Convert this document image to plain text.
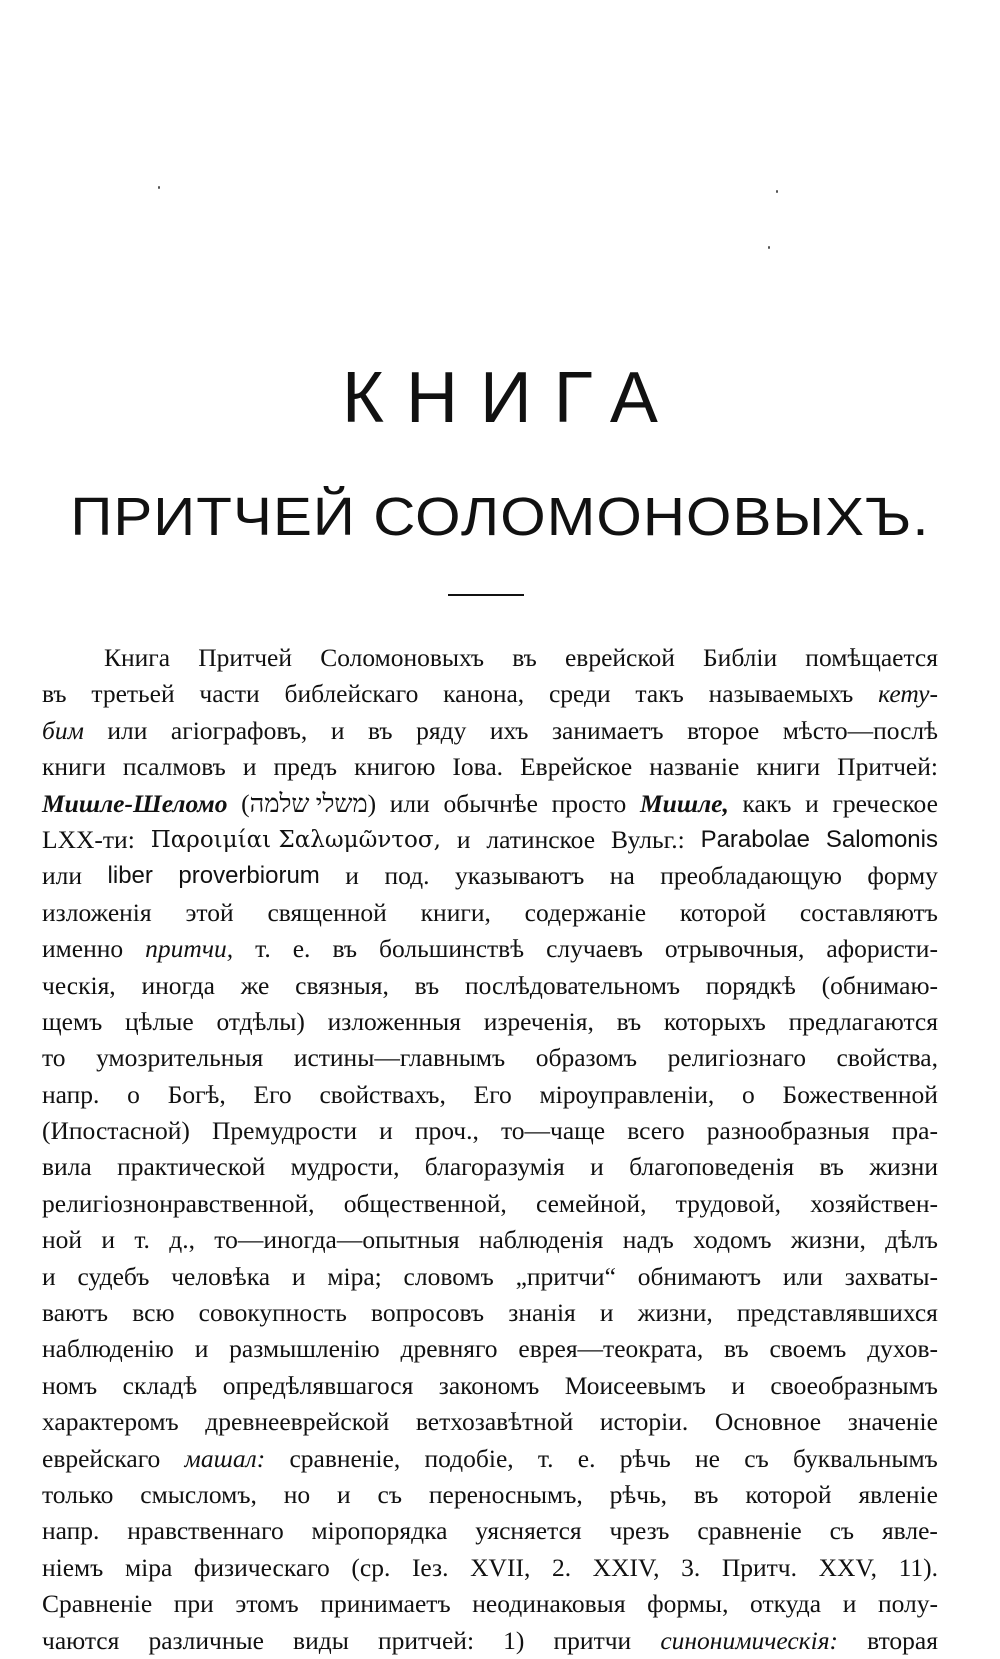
КНИГА
ПРИТЧЕЙ СОЛОМОНОВЫХЪ.
Книга Притчей Соломоновыхъ въ еврейской Библiи помѣщается
въ третьей части библейскаго канона, среди такъ называемыхъ кету-
бим или агiографовъ, и въ ряду ихъ занимаетъ второе мѣсто—послѣ
книги псалмовъ и предъ книгою Iова. Еврейское названiе книги Притчей:
Мишле-Шеломо (משלי שלמה) или обычнѣе просто Мишле, какъ и греческое
LXX-ти: Παροιμίαι Σαλωμῶντοσ, и латинское Вульг.: Parabolae Salomonis
или liber proverbiorum и под. указываютъ на преобладающую форму
изложенiя этой священной книги, содержанiе которой составляютъ
именно притчи, т. е. въ большинствѣ случаевъ отрывочныя, афористи-
ческiя, иногда же связныя, въ послѣдовательномъ порядкѣ (обнимаю-
щемъ цѣлые отдѣлы) изложенныя изреченiя, въ которыхъ предлагаются
то умозрительныя истины—главнымъ образомъ религiознаго свойства,
напр. о Богѣ, Его свойствахъ, Его мiроуправленiи, о Божественной
(Ипостасной) Премудрости и проч., то—чаще всего разнообразныя пра-
вила практической мудрости, благоразумiя и благоповеденiя въ жизни
религiознонравственной, общественной, семейной, трудовой, хозяйствен-
ной и т. д., то—иногда—опытныя наблюденiя надъ ходомъ жизни, дѣлъ
и судебъ человѣка и мiра; словомъ „притчи“ обнимаютъ или захваты-
ваютъ всю совокупность вопросовъ знанiя и жизни, представлявшихся
наблюденiю и размышленiю древняго еврея—теократа, въ своемъ духов-
номъ складѣ опредѣлявшагося закономъ Моисеевымъ и своеобразнымъ
характеромъ древнееврейской ветхозавѣтной исторiи. Основное значенiе
еврейскаго машал: сравненiе, подобiе, т. е. рѣчь не съ буквальнымъ
только смысломъ, но и съ переноснымъ, рѣчь, въ которой явленiе
напр. нравственнаго мiропорядка уясняется чрезъ сравненiе съ явле-
нiемъ мiра физическаго (ср. Iез. XVII, 2. XXIV, 3. Притч. XXV, 11).
Сравненiе при этомъ принимаетъ неодинаковыя формы, откуда и полу-
чаются различные виды притчей: 1) притчи синонимическiя: вторая
